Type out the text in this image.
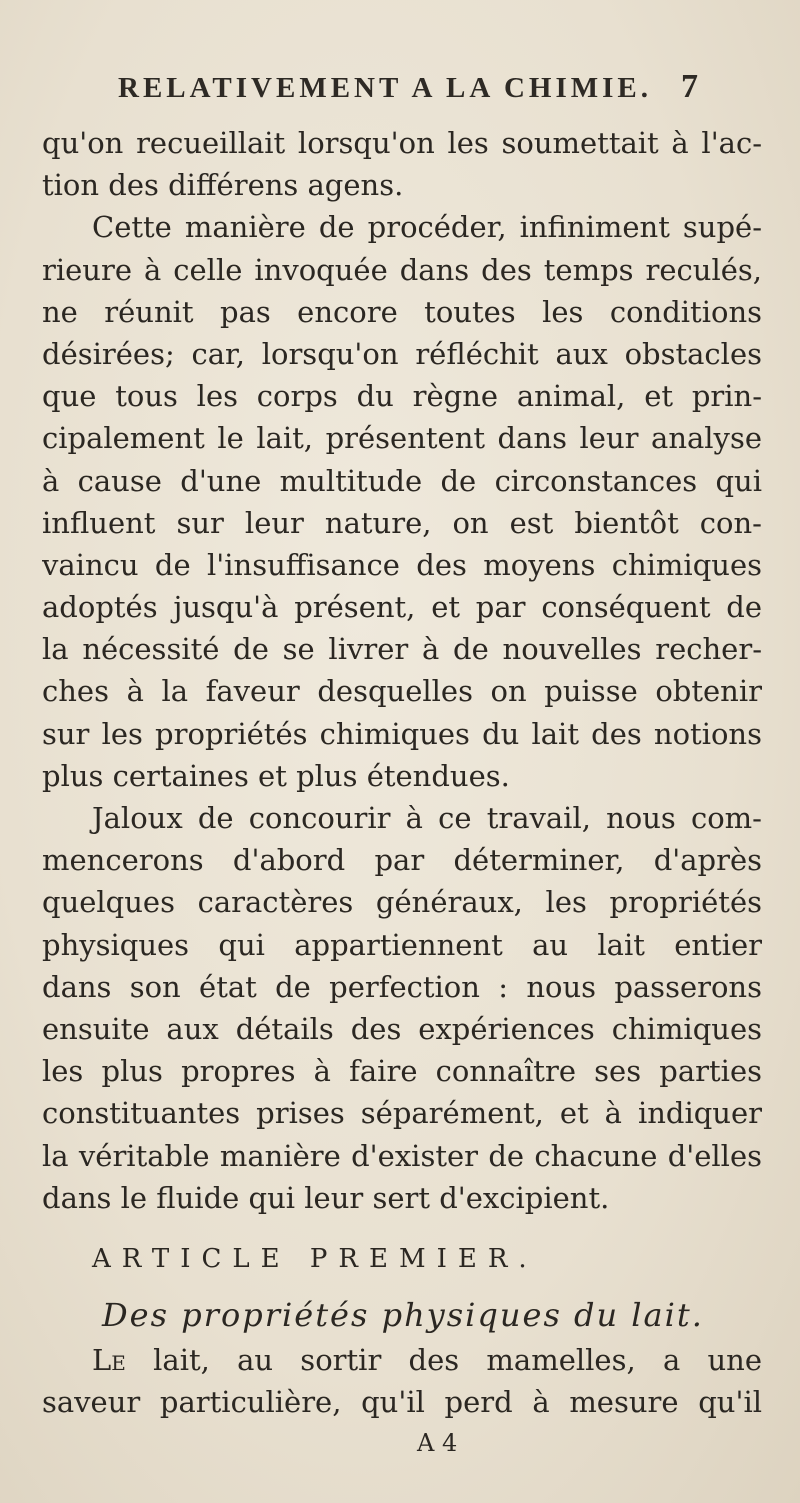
RELATIVEMENT A LA CHIMIE. 7
qu'on recueillait lorsqu'on les soumettait à l'ac-
tion des différens agens.
Cette manière de procéder, infiniment supé-
rieure à celle invoquée dans des temps reculés,
ne réunit pas encore toutes les conditions
désirées; car, lorsqu'on réfléchit aux obstacles
que tous les corps du règne animal, et prin-
cipalement le lait, présentent dans leur analyse
à cause d'une multitude de circonstances qui
influent sur leur nature, on est bientôt con-
vaincu de l'insuffisance des moyens chimiques
adoptés jusqu'à présent, et par conséquent de
la nécessité de se livrer à de nouvelles recher-
ches à la faveur desquelles on puisse obtenir
sur les propriétés chimiques du lait des notions
plus certaines et plus étendues.
Jaloux de concourir à ce travail, nous com-
mencerons d'abord par déterminer, d'après
quelques caractères généraux, les propriétés
physiques qui appartiennent au lait entier
dans son état de perfection : nous passerons
ensuite aux détails des expériences chimiques
les plus propres à faire connaître ses parties
constituantes prises séparément, et à indiquer
la véritable manière d'exister de chacune d'elles
dans le fluide qui leur sert d'excipient.
ARTICLE PREMIER.
Des propriétés physiques du lait.
Le lait, au sortir des mamelles, a une
saveur particulière, qu'il perd à mesure qu'il
A 4
